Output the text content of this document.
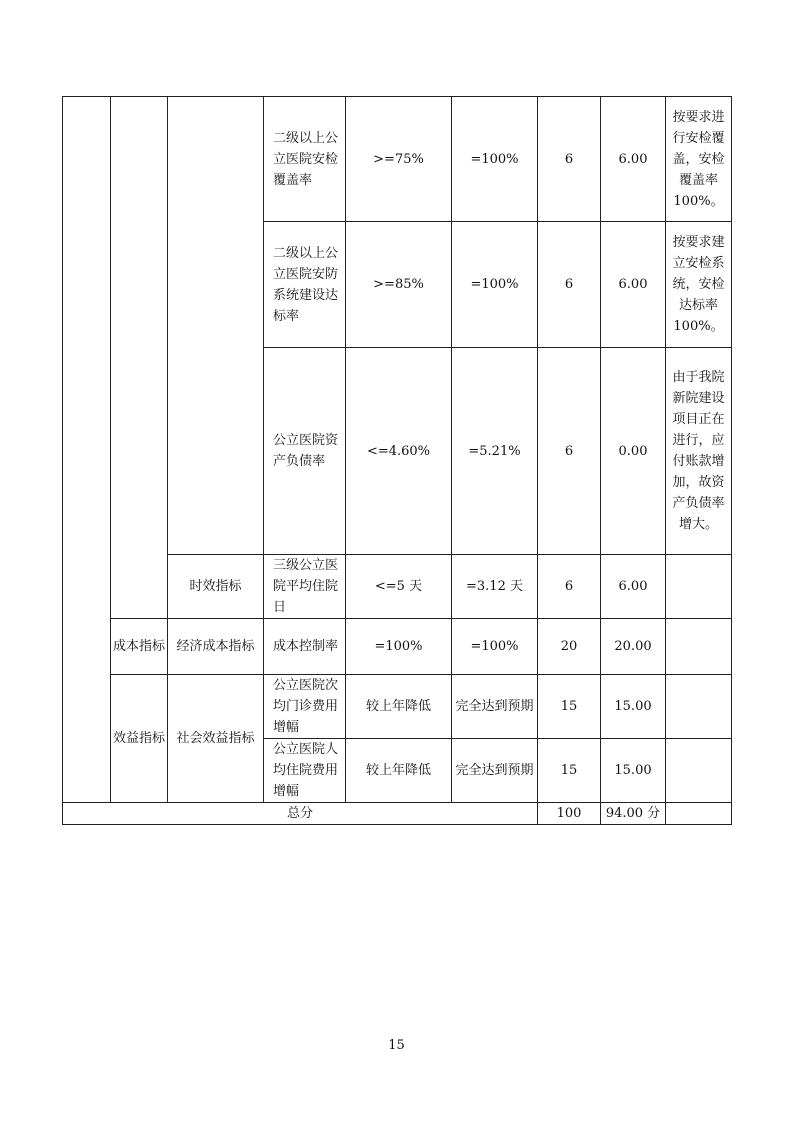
			二级以上公立医院安检覆盖率	>=75%	=100%	6	6.00	按要求进行安检覆盖，安检覆盖率100%。
			二级以上公立医院安防系统建设达标率	>=85%	=100%	6	6.00	按要求建立安检系统，安检达标率100%。
			公立医院资产负债率	<=4.60%	=5.21%	6	0.00	由于我院新院建设项目正在进行，应付账款增加，故资产负债率增大。
		时效指标	三级公立医院平均住院日	<=5 天	=3.12 天	6	6.00	
	成本指标	经济成本指标	成本控制率	=100%	=100%	20	20.00	
	效益指标	社会效益指标	公立医院次均门诊费用增幅	较上年降低	完全达到预期	15	15.00	
			公立医院人均住院费用增幅	较上年降低	完全达到预期	15	15.00	
总分						100	94.00 分	
15
